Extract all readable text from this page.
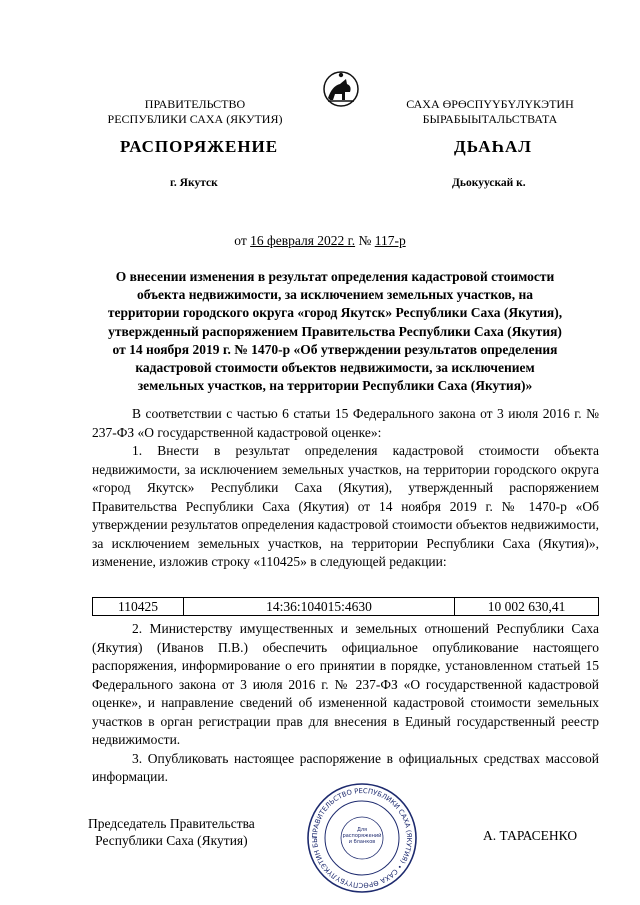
ПРАВИТЕЛЬСТВО
РЕСПУБЛИКИ САХА (ЯКУТИЯ)
САХА ӨРӨСПҮҮБҮЛҮКЭТИН
БЫРАБЫЫТАЛЬСТВАТА
РАСПОРЯЖЕНИЕ	ДЬАҺАЛ
г. Якутск	Дьокуускай к.
от 16 февраля 2022 г. № 117-р
О внесении изменения в результат определения кадастровой стоимости
объекта недвижимости, за исключением земельных участков, на
территории городского округа «город Якутск» Республики Саха (Якутия),
утвержденный распоряжением Правительства Республики Саха (Якутия)
от 14 ноября 2019 г. № 1470-р «Об утверждении результатов определения
кадастровой стоимости объектов недвижимости, за исключением
земельных участков, на территории Республики Саха (Якутия)»

В соответствии с частью 6 статьи 15 Федерального закона от 3 июля 2016 г. № 237-ФЗ «О государственной кадастровой оценке»:

1. Внести в результат определения кадастровой стоимости объекта недвижимости, за исключением земельных участков, на территории городского округа «город Якутск» Республики Саха (Якутия), утвержденный распоряжением Правительства Республики Саха (Якутия) от 14 ноября 2019 г. № 1470-р «Об утверждении результатов определения кадастровой стоимости объектов недвижимости, за исключением земельных участков, на территории Республики Саха (Якутия)», изменение, изложив строку «110425» в следующей редакции:

110425	14:36:104015:4630	10 002 630,41

2. Министерству имущественных и земельных отношений Республики Саха (Якутия) (Иванов П.В.) обеспечить официальное опубликование настоящего распоряжения, информирование о его принятии в порядке, установленном статьей 15 Федерального закона от 3 июля 2016 г. № 237-ФЗ «О государственной кадастровой оценке», и направление сведений об измененной кадастровой стоимости земельных участков в орган регистрации прав для внесения в Единый государственный реестр недвижимости.

3. Опубликовать настоящее распоряжение в официальных средствах массовой информации.

Председатель Правительства
Республики Саха (Якутия)	А. ТАРАСЕНКО
ПРАВИТЕЛЬСТВО РЕСПУБЛИКИ САХА (ЯКУТИЯ) • САХА ӨРӨСПҮҮБҮЛҮКЭТИН БЫ
Для распоряжений и бланков
